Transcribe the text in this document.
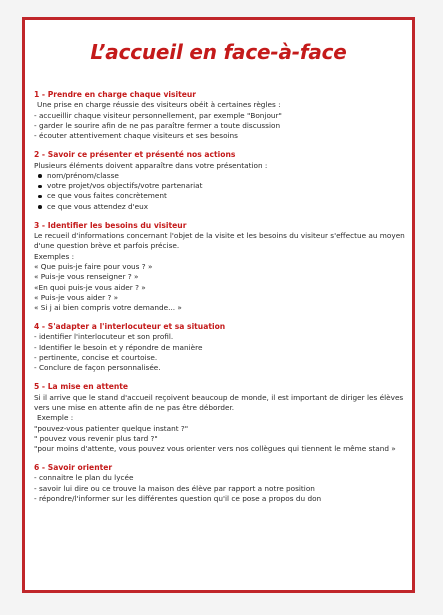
L’accueil en face-à-face
1 - Prendre en charge chaque visiteur
Une prise en charge réussie des visiteurs obéit à certaines règles :
- accueillir chaque visiteur personnellement, par exemple "Bonjour"
- garder le sourire afin de ne pas paraître fermer a toute discussion
- écouter attentivement chaque visiteurs et ses besoins
2 - Savoir ce présenter et présenté nos actions
Plusieurs éléments doivent apparaître dans votre présentation :
nom/prénom/classe
votre projet/vos objectifs/votre partenariat
ce que vous faites concrètement
ce que vous attendez d'eux
3 - Identifier les besoins du visiteur
Le recueil d'informations concernant l'objet de la visite et les besoins du visiteur s'effectue au moyen d'une question brève et parfois précise.
Exemples :
« Que puis-je faire pour vous ? »
« Puis-je vous renseigner ? »
«En quoi puis-je vous aider ? »
« Puis-je vous aider ? »
« Si j ai bien compris votre demande... »
4 - S'adapter a l'interlocuteur et sa situation
- identifier l'interlocuteur et son profil.
- Identifier le besoin et y répondre de manière
- pertinente, concise et courtoise.
- Conclure de façon personnalisée.
5 - La mise en attente
Si il arrive que le stand d'accueil reçoivent beaucoup de monde, il est important de diriger les élèves vers une mise en attente afin de ne pas être déborder.
Exemple :
"pouvez-vous patienter quelque instant ?"
" pouvez vous revenir plus tard ?"
"pour moins d'attente, vous pouvez vous orienter vers nos collègues qui tiennent le même stand »
6 - Savoir orienter
- connaitre le plan du lycée
- savoir lui dire ou ce trouve la maison des élève par rapport a notre position
- répondre/l'informer sur les différentes question qu'il ce pose a propos du don
